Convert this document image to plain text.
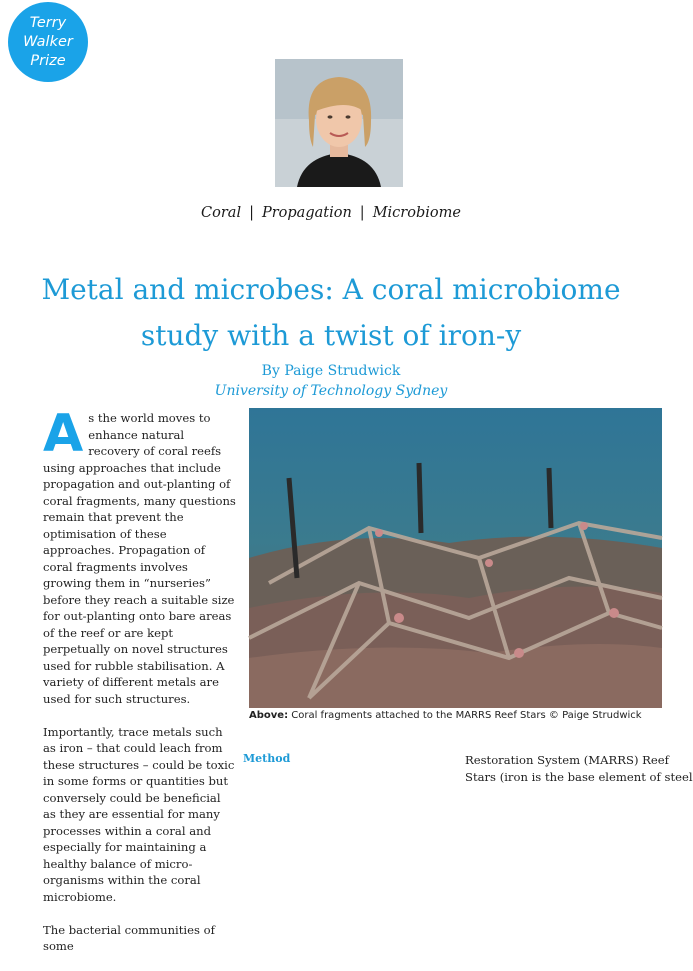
Terry
Walker
Prize
Coral | Propagation | Microbiome
Metal and microbes: A coral microbiome study with a twist of iron-y
By Paige Strudwick
University of Technology Sydney

As the world moves to enhance natural recovery of coral reefs using approaches that include propagation and out-planting of coral fragments, many questions remain that prevent the optimisation of these approaches. Propagation of coral fragments involves growing them in “nurseries” before they reach a suitable size for out-planting onto bare areas of the reef or are kept perpetually on novel structures used for rubble stabilisation. A variety of different metals are used for such structures.

Importantly, trace metals such as iron – that could leach from these structures – could be toxic in some forms or quantities but conversely could be beneficial as they are essential for many processes within a coral and especially for maintaining a healthy balance of micro-organisms within the coral microbiome.

The bacterial communities of some

Above: Coral fragments attached to the MARRS Reef Stars © Paige Strudwick
Method	Restoration System (MARRS) Reef
Stars (iron is the base element of steel
